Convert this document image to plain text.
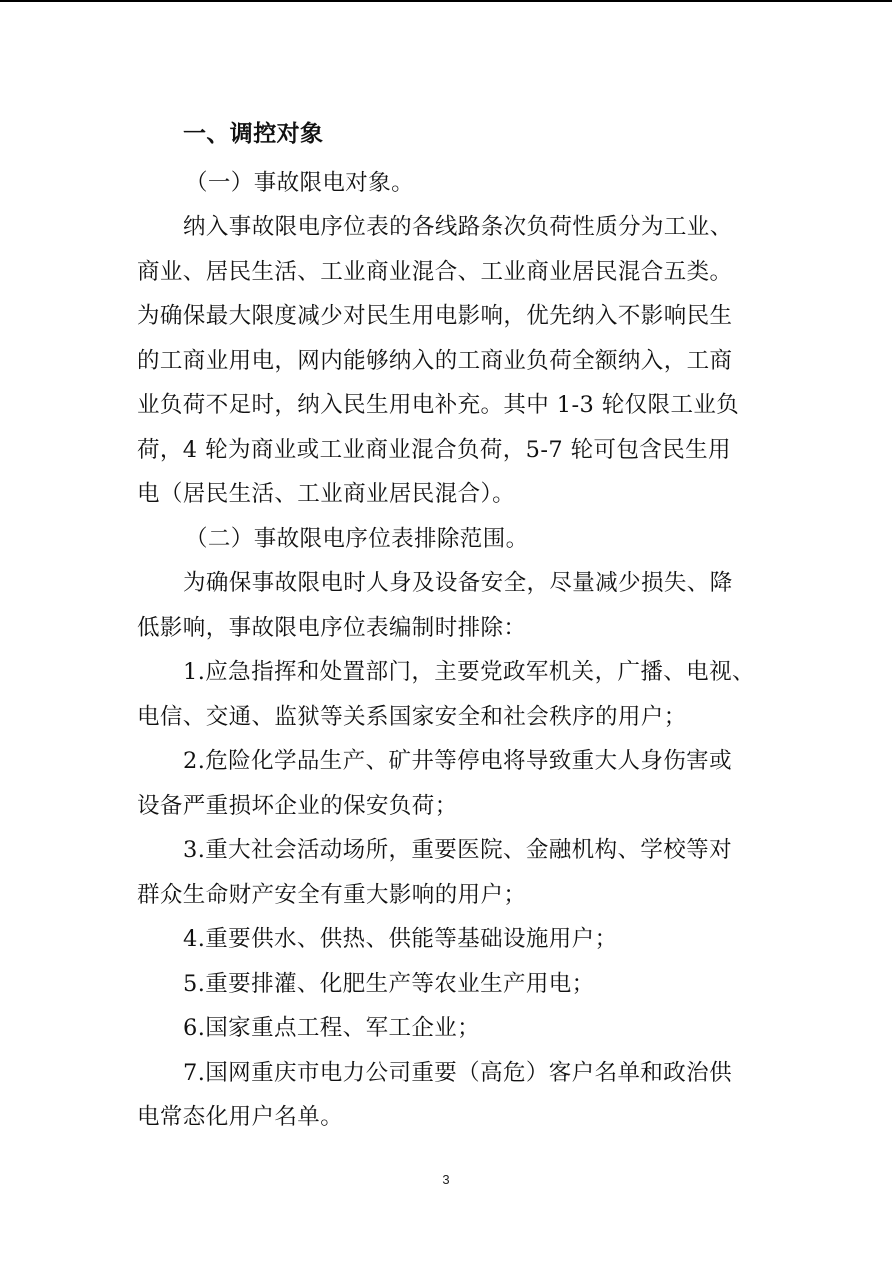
一、调控对象
（一）事故限电对象。
纳入事故限电序位表的各线路条次负荷性质分为工业、
商业、居民生活、工业商业混合、工业商业居民混合五类。
为确保最大限度减少对民生用电影响，优先纳入不影响民生
的工商业用电，网内能够纳入的工商业负荷全额纳入，工商
业负荷不足时，纳入民生用电补充。其中 1-3 轮仅限工业负
荷，4 轮为商业或工业商业混合负荷，5-7 轮可包含民生用
电（居民生活、工业商业居民混合）。
（二）事故限电序位表排除范围。
为确保事故限电时人身及设备安全，尽量减少损失、降
低影响，事故限电序位表编制时排除：
1.应急指挥和处置部门，主要党政军机关，广播、电视、
电信、交通、监狱等关系国家安全和社会秩序的用户；
2.危险化学品生产、矿井等停电将导致重大人身伤害或
设备严重损坏企业的保安负荷；
3.重大社会活动场所，重要医院、金融机构、学校等对
群众生命财产安全有重大影响的用户；
4.重要供水、供热、供能等基础设施用户；
5.重要排灌、化肥生产等农业生产用电；
6.国家重点工程、军工企业；
7.国网重庆市电力公司重要（高危）客户名单和政治供
电常态化用户名单。
3
